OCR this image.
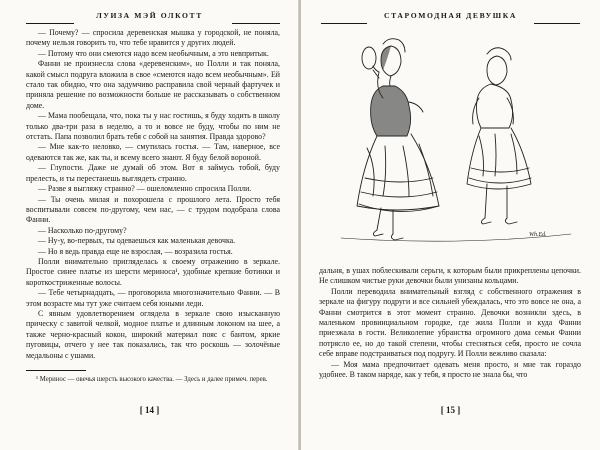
ЛУИЗА МЭЙ ОЛКОТТ

— Почему? — спросила деревенская мышка у городской, не поняла, почему нельзя говорить то, что тебе нравится у других людей.

— Потому что они смеются надо всем необычным, а это невпритык.

Фанни не произнесла слова «деревенским», но Полли и так поняла, какой смысл подруга вложила в свое «смеются надо всем необычным». Ей стало так обидно, что она задумчиво расправила свой черный фартучек и приняла решение по возможности больше не рассказывать о собственном доме.

— Мама пообещала, что, пока ты у нас гостишь, я буду ходить в школу только два-три раза в неделю, а то и вовсе не буду, чтобы по ним не отстать. Папа позволил брать тебя с собой на занятия. Правда здорово?

— Мне как-то неловко, — смутилась гостья. — Там, наверное, все одеваются так же, как ты, и всему всего знают. Я буду белой вороной.

— Глупости. Даже не думай об этом. Вот я займусь тобой, буду прелесть, и ты перестанешь выглядеть странно.

— Разве я выгляжу странно? — ошеломленно спросила Полли.

— Ты очень милая и похорошела с прошлого лета. Просто тебя воспитывали совсем по-другому, чем нас, — с трудом подобрала слова Фанни.

— Насколько по-другому?

— Ну-у, во-первых, ты одеваешься как маленькая девочка.

— Но я ведь правда еще не взрослая, — возразила гостья.

Полли внимательно пригляделась к своему отражению в зеркале. Простое синее платье из шерсти мериноса¹, удобные крепкие ботинки и короткостриженные волосы.

— Тебе четырнадцать, — проговорила многозначительно Фанни. — В этом возрасте мы тут уже считаем себя юными леди.

С явным удовлетворением оглядела в зеркале свою изысканную прическу с завитой челкой, модное платье и длинным локоном на шее, а также черно-красный кокон, широкий материал пояс с бантом, яркие пуговицы, отчего у нее так показались, так что роскошь — золочёные медальоны с ушами.

¹ Меринос — овечья шерсть высокого качества. — Здесь и далее примеч. перев.

[ 14 ]
СТАРОМОДНАЯ ДЕВУШКА
Wh.Ed.

дальня, в ушах поблескивали серьги, к которым были прикреплены цепочки. Не слишком чистые руки девочки были унизаны кольцами.

Полли переводила внимательный взгляд с собственного отражения в зеркале на фигуру подруги и все сильней убеждалась, что это вовсе не она, а Фанни смотрится в этот момент странно. Девочки возникли здесь, в маленьком провинциальном городке, где жила Полли и куда Фанни приезжала в гости. Великолепие убранства огромного дома семьи Фанни потрясло ее, но до такой степени, чтобы стесняться себя, просто не сочла себе вправе подстраиваться под подругу. И Полли вежливо сказала:

— Моя мама предпочитает одевать меня просто, и мне так гораздо удобнее. В таком наряде, как у тебя, я просто не знала бы, что

[ 15 ]
